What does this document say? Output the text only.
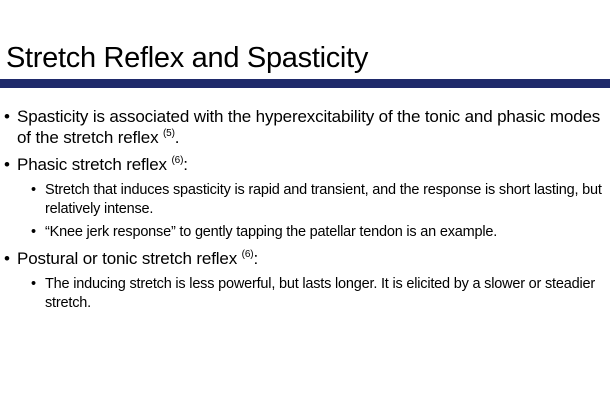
Stretch Reflex and Spasticity
• Spasticity is associated with the hyperexcitability of the tonic and phasic modes of the stretch reflex $^{(5)}$.
• Phasic stretch reflex $^{(6)}$:
• Stretch that induces spasticity is rapid and transient, and the response is short lasting, but relatively intense.
• “Knee jerk response” to gently tapping the patellar tendon is an example.
• Postural or tonic stretch reflex $^{(6)}$:
• The inducing stretch is less powerful, but lasts longer. It is elicited by a slower or steadier stretch.
